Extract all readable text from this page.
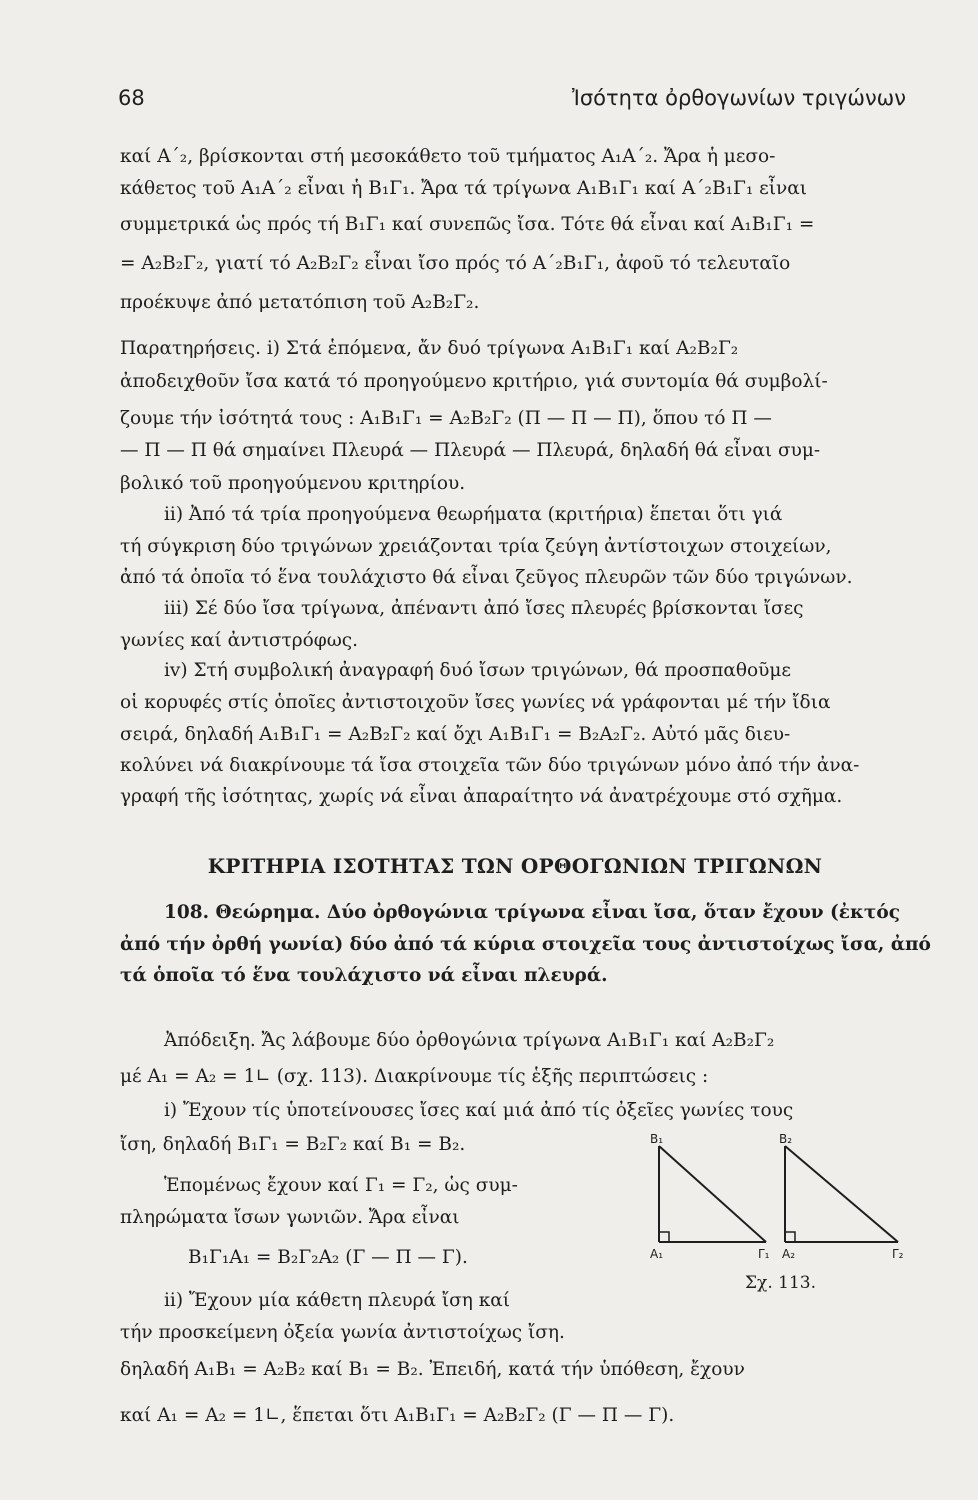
68	Ἰσότητα ὀρθογωνίων τριγώνων
καί Α΄₂, βρίσκονται στή μεσοκάθετο τοῦ τμήματος Α₁Α΄₂. Ἄρα ἡ μεσο-
κάθετος τοῦ Α₁Α΄₂ εἶναι ἡ Β₁Γ₁. Ἄρα τά τρίγωνα Α₁Β₁Γ₁ καί Α΄₂Β₁Γ₁ εἶναι
συμμετρικά ὡς πρός τή Β₁Γ₁ καί συνεπῶς ἴσα. Τότε θά εἶναι καί Α₁Β₁Γ₁ =
= Α₂Β₂Γ₂, γιατί τό Α₂Β₂Γ₂ εἶναι ἴσο πρός τό Α΄₂Β₁Γ₁, ἀφοῦ τό τελευταῖο
προέκυψε ἀπό μετατόπιση τοῦ Α₂Β₂Γ₂.
Παρατηρήσεις. i) Στά ἑπόμενα, ἄν δυό τρίγωνα Α₁Β₁Γ₁ καί Α₂Β₂Γ₂
ἀποδειχθοῦν ἴσα κατά τό προηγούμενο κριτήριο, γιά συντομία θά συμβολί-
ζουμε τήν ἰσότητά τους : Α₁Β₁Γ₁ = Α₂Β₂Γ₂ (Π — Π — Π), ὅπου τό Π —
— Π — Π θά σημαίνει Πλευρά — Πλευρά — Πλευρά, δηλαδή θά εἶναι συμ-
βολικό τοῦ προηγούμενου κριτηρίου.
ii) Ἀπό τά τρία προηγούμενα θεωρήματα (κριτήρια) ἕπεται ὅτι γιά
τή σύγκριση δύο τριγώνων χρειάζονται τρία ζεύγη ἀντίστοιχων στοιχείων,
ἀπό τά ὁποῖα τό ἕνα τουλάχιστο θά εἶναι ζεῦγος πλευρῶν τῶν δύο τριγώνων.
iii) Σέ δύο ἴσα τρίγωνα, ἀπέναντι ἀπό ἴσες πλευρές βρίσκονται ἴσες
γωνίες καί ἀντιστρόφως.
iv) Στή συμβολική ἀναγραφή δυό ἴσων τριγώνων, θά προσπαθοῦμε
οἱ κορυφές στίς ὁποῖες ἀντιστοιχοῦν ἴσες γωνίες νά γράφονται μέ τήν ἴδια
σειρά, δηλαδή Α₁Β₁Γ₁ = Α₂Β₂Γ₂ καί ὄχι Α₁Β₁Γ₁ = Β₂Α₂Γ₂. Αὐτό μᾶς διευ-
κολύνει νά διακρίνουμε τά ἴσα στοιχεῖα τῶν δύο τριγώνων μόνο ἀπό τήν ἀνα-
γραφή τῆς ἰσότητας, χωρίς νά εἶναι ἀπαραίτητο νά ἀνατρέχουμε στό σχῆμα.
ΚΡΙΤΗΡΙΑ ΙΣΟΤΗΤΑΣ ΤΩΝ ΟΡΘΟΓΩΝΙΩΝ ΤΡΙΓΩΝΩΝ
108. Θεώρημα. Δύο ὀρθογώνια τρίγωνα εἶναι ἴσα, ὅταν ἔχουν (ἐκτός
ἀπό τήν ὀρθή γωνία) δύο ἀπό τά κύρια στοιχεῖα τους ἀντιστοίχως ἴσα, ἀπό
τά ὁποῖα τό ἕνα τουλάχιστο νά εἶναι πλευρά.
Ἀπόδειξη. Ἄς λάβουμε δύο ὀρθογώνια τρίγωνα Α₁Β₁Γ₁ καί Α₂Β₂Γ₂
μέ Α₁ = Α₂ = 1∟ (σχ. 113). Διακρίνουμε τίς ἑξῆς περιπτώσεις :
i) Ἔχουν τίς ὑποτείνουσες ἴσες καί μιά ἀπό τίς ὀξεῖες γωνίες τους
ἴση, δηλαδή Β₁Γ₁ = Β₂Γ₂ καί Β₁ = Β₂.
Ἑπομένως ἔχουν καί Γ₁ = Γ₂, ὡς συμ-
πληρώματα ἴσων γωνιῶν. Ἄρα εἶναι
Β₁Γ₁Α₁ = Β₂Γ₂Α₂ (Γ — Π — Γ).
ii) Ἔχουν μία κάθετη πλευρά ἴση καί
τήν προσκείμενη ὀξεία γωνία ἀντιστοίχως ἴση.
δηλαδή Α₁Β₁ = Α₂Β₂ καί Β₁ = Β₂. Ἐπειδή, κατά τήν ὑπόθεση, ἔχουν
καί Α₁ = Α₂ = 1∟, ἕπεται ὅτι Α₁Β₁Γ₁ = Α₂Β₂Γ₂ (Γ — Π — Γ).
B₁	B₂
A₁	Γ₁ A₂	Γ₂
Σχ. 113.
